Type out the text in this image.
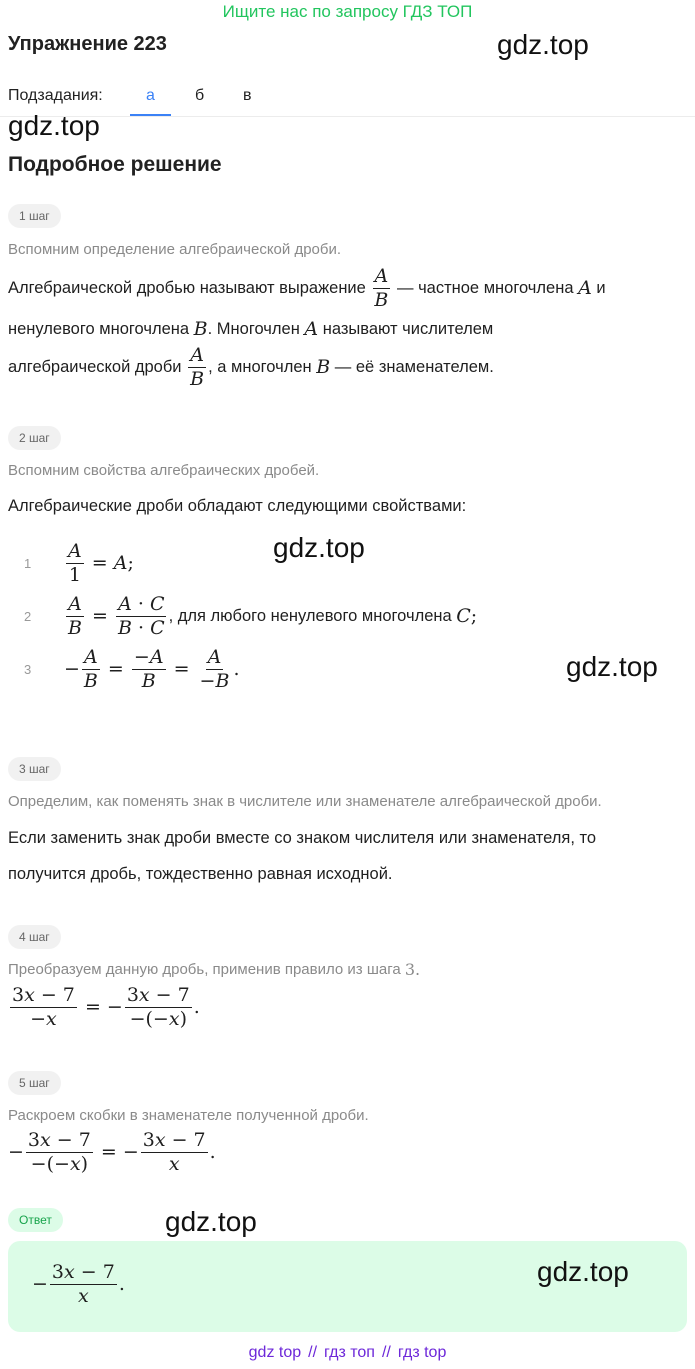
Ищите нас по запросу ГДЗ ТОП
Упражнение 223	gdz.top
Подзадания:	а	б в
gdz.top
Подробное решение
1 шаг
Вспомним определение алгебраической дроби.
Алгебраической дробью называют выражение
$\frac{A}{B}$
— частное многочлена
A
и
ненулевого многочлена
B . Многочлен
A
называют числителем
алгебраической дроби
$\frac{A}{B}$ , а многочлен
B
— её знаменателем.
2 шаг
Вспомним свойства алгебраических дробей.
Алгебраические дроби обладают следующими свойствами:
gdz.top
1	$\frac{A}{1} = A$ ;
2	$\frac{A}{B} = \frac{A \cdot C}{B \cdot C}$ , для любого ненулевого многочлена
C ;
3	− $\frac{A}{B} = \frac{-A}{B} = \frac{A}{-B}$ .	gdz.top
3 шаг
Определим, как поменять знак в числителе или знаменателе алгебраической дроби.
Если заменить знак дроби вместе со знаком числителя или знаменателя, то
получится дробь, тождественно равная исходной.
4 шаг
Преобразуем данную дробь, применив правило из шага
3.
$\frac{3x - 7}{-x}$ = − $\frac{3x - 7}{-(-x)}$ .
5 шаг
Раскроем скобки в знаменателе полученной дроби.
− $\frac{3x - 7}{-(-x)}$ = − $\frac{3x - 7}{x}$ .
Ответ	gdz.top
− $\frac{3x - 7}{x}$ .	gdz.top
gdz top // гдз топ // гдз top
